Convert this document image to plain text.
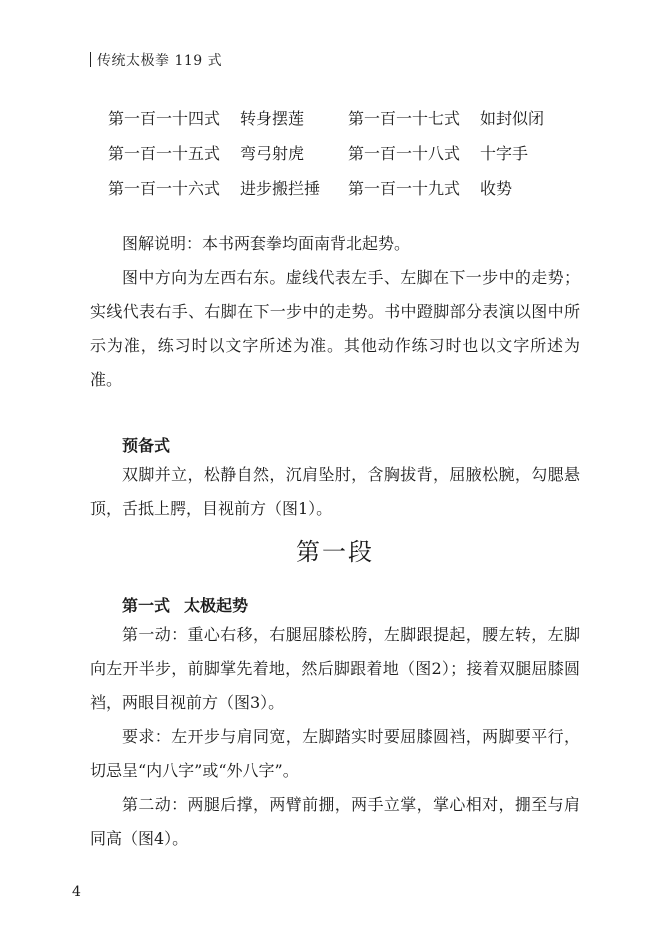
传统太极拳 119 式
第一百一十四式	转身摆莲	第一百一十七式	如封似闭
第一百一十五式	弯弓射虎	第一百一十八式	十字手
第一百一十六式	进步搬拦捶 第一百一十九式	收势

图解说明：本书两套拳均面南背北起势。

图中方向为左西右东。虚线代表左手、左脚在下一步中的走势；实线代表右手、右脚在下一步中的走势。书中蹬脚部分表演以图中所示为准，练习时以文字所述为准。其他动作练习时也以文字所述为准。

预备式

双脚并立，松静自然，沉肩坠肘，含胸拔背，屈腋松腕，勾腮悬顶，舌抵上腭，目视前方（图1）。

第一段
第一式 太极起势

第一动：重心右移，右腿屈膝松胯，左脚跟提起，腰左转，左脚向左开半步，前脚掌先着地，然后脚跟着地（图2）；接着双腿屈膝圆裆，两眼目视前方（图3）。

要求：左开步与肩同宽，左脚踏实时要屈膝圆裆，两脚要平行，切忌呈“内八字”或“外八字”。

第二动：两腿后撑，两臂前掤，两手立掌，掌心相对，掤至与肩同高（图4）。

4
